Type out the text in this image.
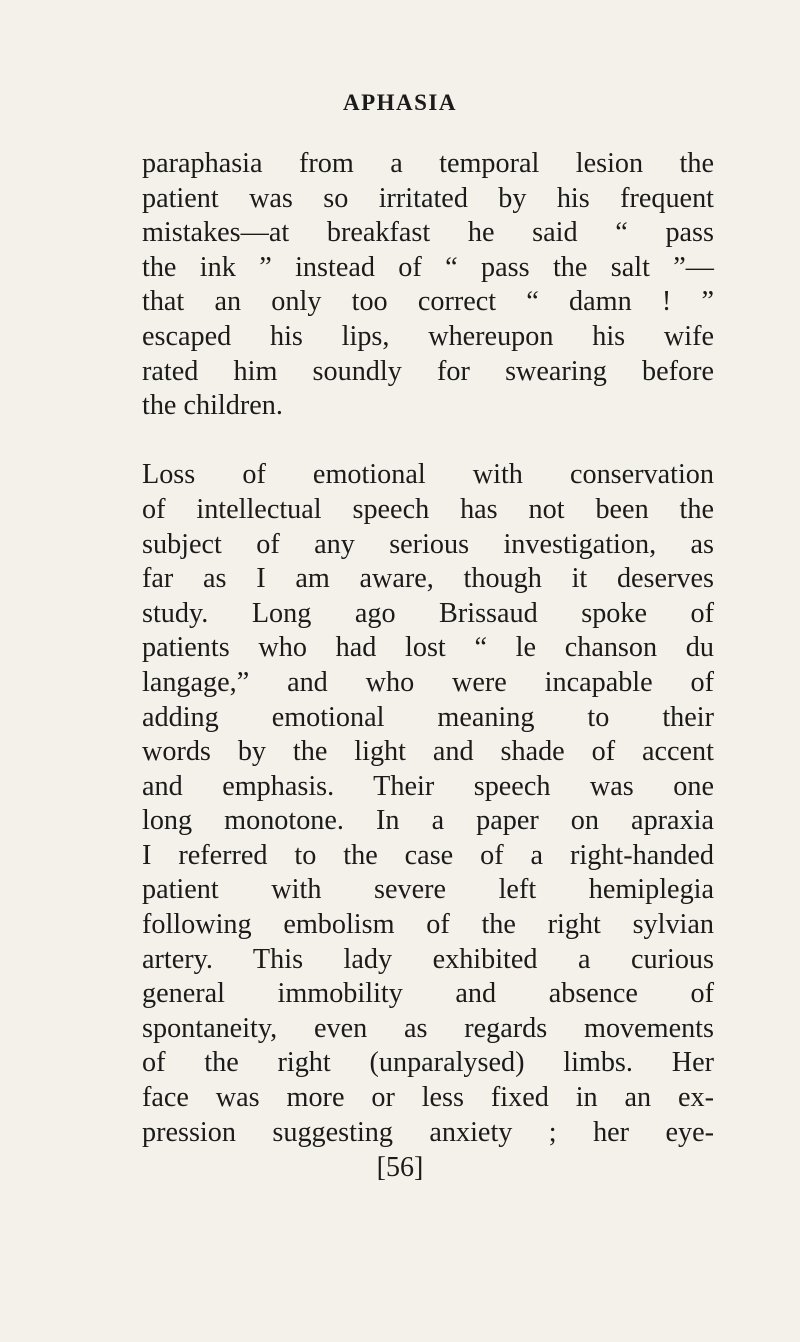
APHASIA

paraphasia from a temporal lesion the
patient was so irritated by his frequent
mistakes—at breakfast he said “ pass
the ink ” instead of “ pass the salt ”—
that an only too correct “ damn ! ”
escaped his lips, whereupon his wife
rated him soundly for swearing before
the children.

Loss of emotional with conservation
of intellectual speech has not been the
subject of any serious investigation, as
far as I am aware, though it deserves
study. Long ago Brissaud spoke of
patients who had lost “ le chanson du
langage,” and who were incapable of
adding emotional meaning to their
words by the light and shade of accent
and emphasis. Their speech was one
long monotone. In a paper on apraxia
I referred to the case of a right-handed
patient with severe left hemiplegia
following embolism of the right sylvian
artery. This lady exhibited a curious
general immobility and absence of
spontaneity, even as regards movements
of the right (unparalysed) limbs. Her
face was more or less fixed in an ex-
pression suggesting anxiety ; her eye-

[56]
